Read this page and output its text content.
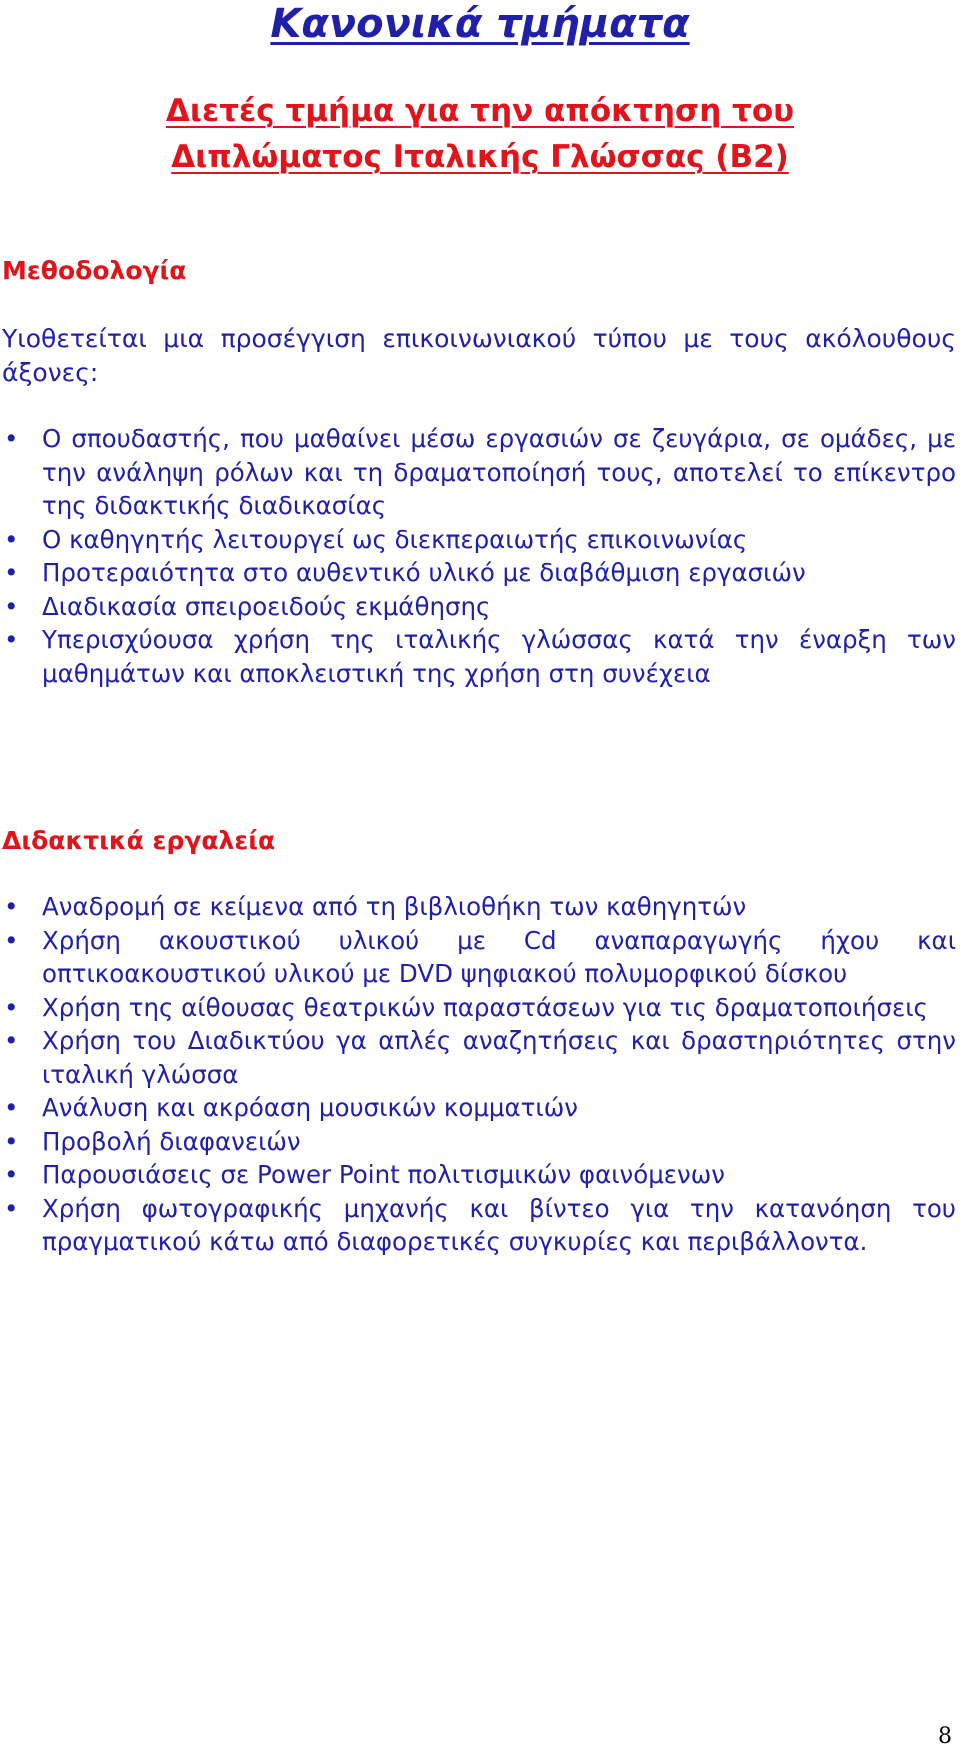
Κανονικά τμήματα
Διετές τμήμα για την απόκτηση του
Διπλώματος Ιταλικής Γλώσσας (B2)
Μεθοδολογία

Υιοθετείται μια προσέγγιση επικοινωνιακού τύπου με τους ακόλουθους άξονες:

• Ο σπουδαστής, που μαθαίνει μέσω εργασιών σε ζευγάρια, σε ομάδες, με την ανάληψη ρόλων και τη δραματοποίησή τους, αποτελεί το επίκεντρο της διδακτικής διαδικασίας
• Ο καθηγητής λειτουργεί ως διεκπεραιωτής επικοινωνίας
• Προτεραιότητα στο αυθεντικό υλικό με διαβάθμιση εργασιών
• Διαδικασία σπειροειδούς εκμάθησης
• Υπερισχύουσα χρήση της ιταλικής γλώσσας κατά την έναρξη των μαθημάτων και αποκλειστική της χρήση στη συνέχεια
Διδακτικά εργαλεία
• Αναδρομή σε κείμενα από τη βιβλιοθήκη των καθηγητών
• Χρήση ακουστικού υλικού με Cd αναπαραγωγής ήχου και οπτικοακουστικού υλικού με DVD ψηφιακού πολυμορφικού δίσκου
• Χρήση της αίθουσας θεατρικών παραστάσεων για τις δραματοποιήσεις
• Χρήση του Διαδικτύου γα απλές αναζητήσεις και δραστηριότητες στην ιταλική γλώσσα
• Ανάλυση και ακρόαση μουσικών κομματιών
• Προβολή διαφανειών
• Παρουσιάσεις σε Power Point πολιτισμικών φαινόμενων
• Χρήση φωτογραφικής μηχανής και βίντεο για την κατανόηση του πραγματικού κάτω από διαφορετικές συγκυρίες και περιβάλλοντα.
8
